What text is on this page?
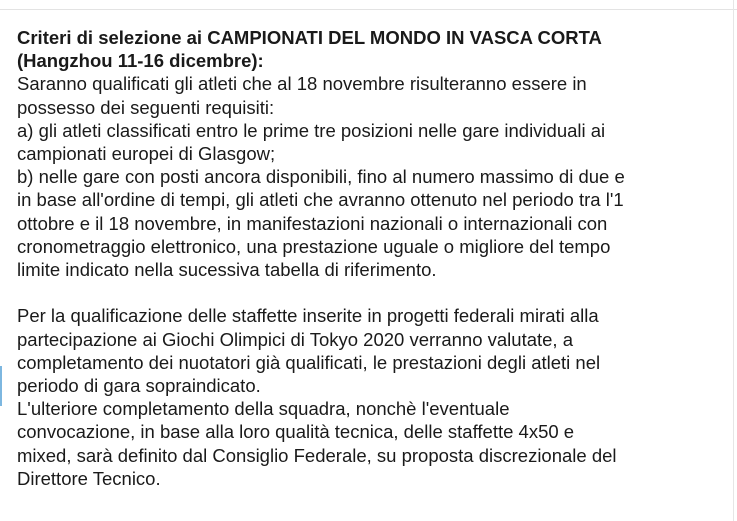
Criteri di selezione ai CAMPIONATI DEL MONDO IN VASCA CORTA
(Hangzhou 11-16 dicembre):
Saranno qualificati gli atleti che al 18 novembre risulteranno essere in
possesso dei seguenti requisiti:
a) gli atleti classificati entro le prime tre posizioni nelle gare individuali ai
campionati europei di Glasgow;
b) nelle gare con posti ancora disponibili, fino al numero massimo di due e
in base all'ordine di tempi, gli atleti che avranno ottenuto nel periodo tra l'1
ottobre e il 18 novembre, in manifestazioni nazionali o internazionali con
cronometraggio elettronico, una prestazione uguale o migliore del tempo
limite indicato nella sucessiva tabella di riferimento.
Per la qualificazione delle staffette inserite in progetti federali mirati alla
partecipazione ai Giochi Olimpici di Tokyo 2020 verranno valutate, a
completamento dei nuotatori già qualificati, le prestazioni degli atleti nel
periodo di gara sopraindicato.
L'ulteriore completamento della squadra, nonchè l'eventuale
convocazione, in base alla loro qualità tecnica, delle staffette 4x50 e
mixed, sarà definito dal Consiglio Federale, su proposta discrezionale del
Direttore Tecnico.
